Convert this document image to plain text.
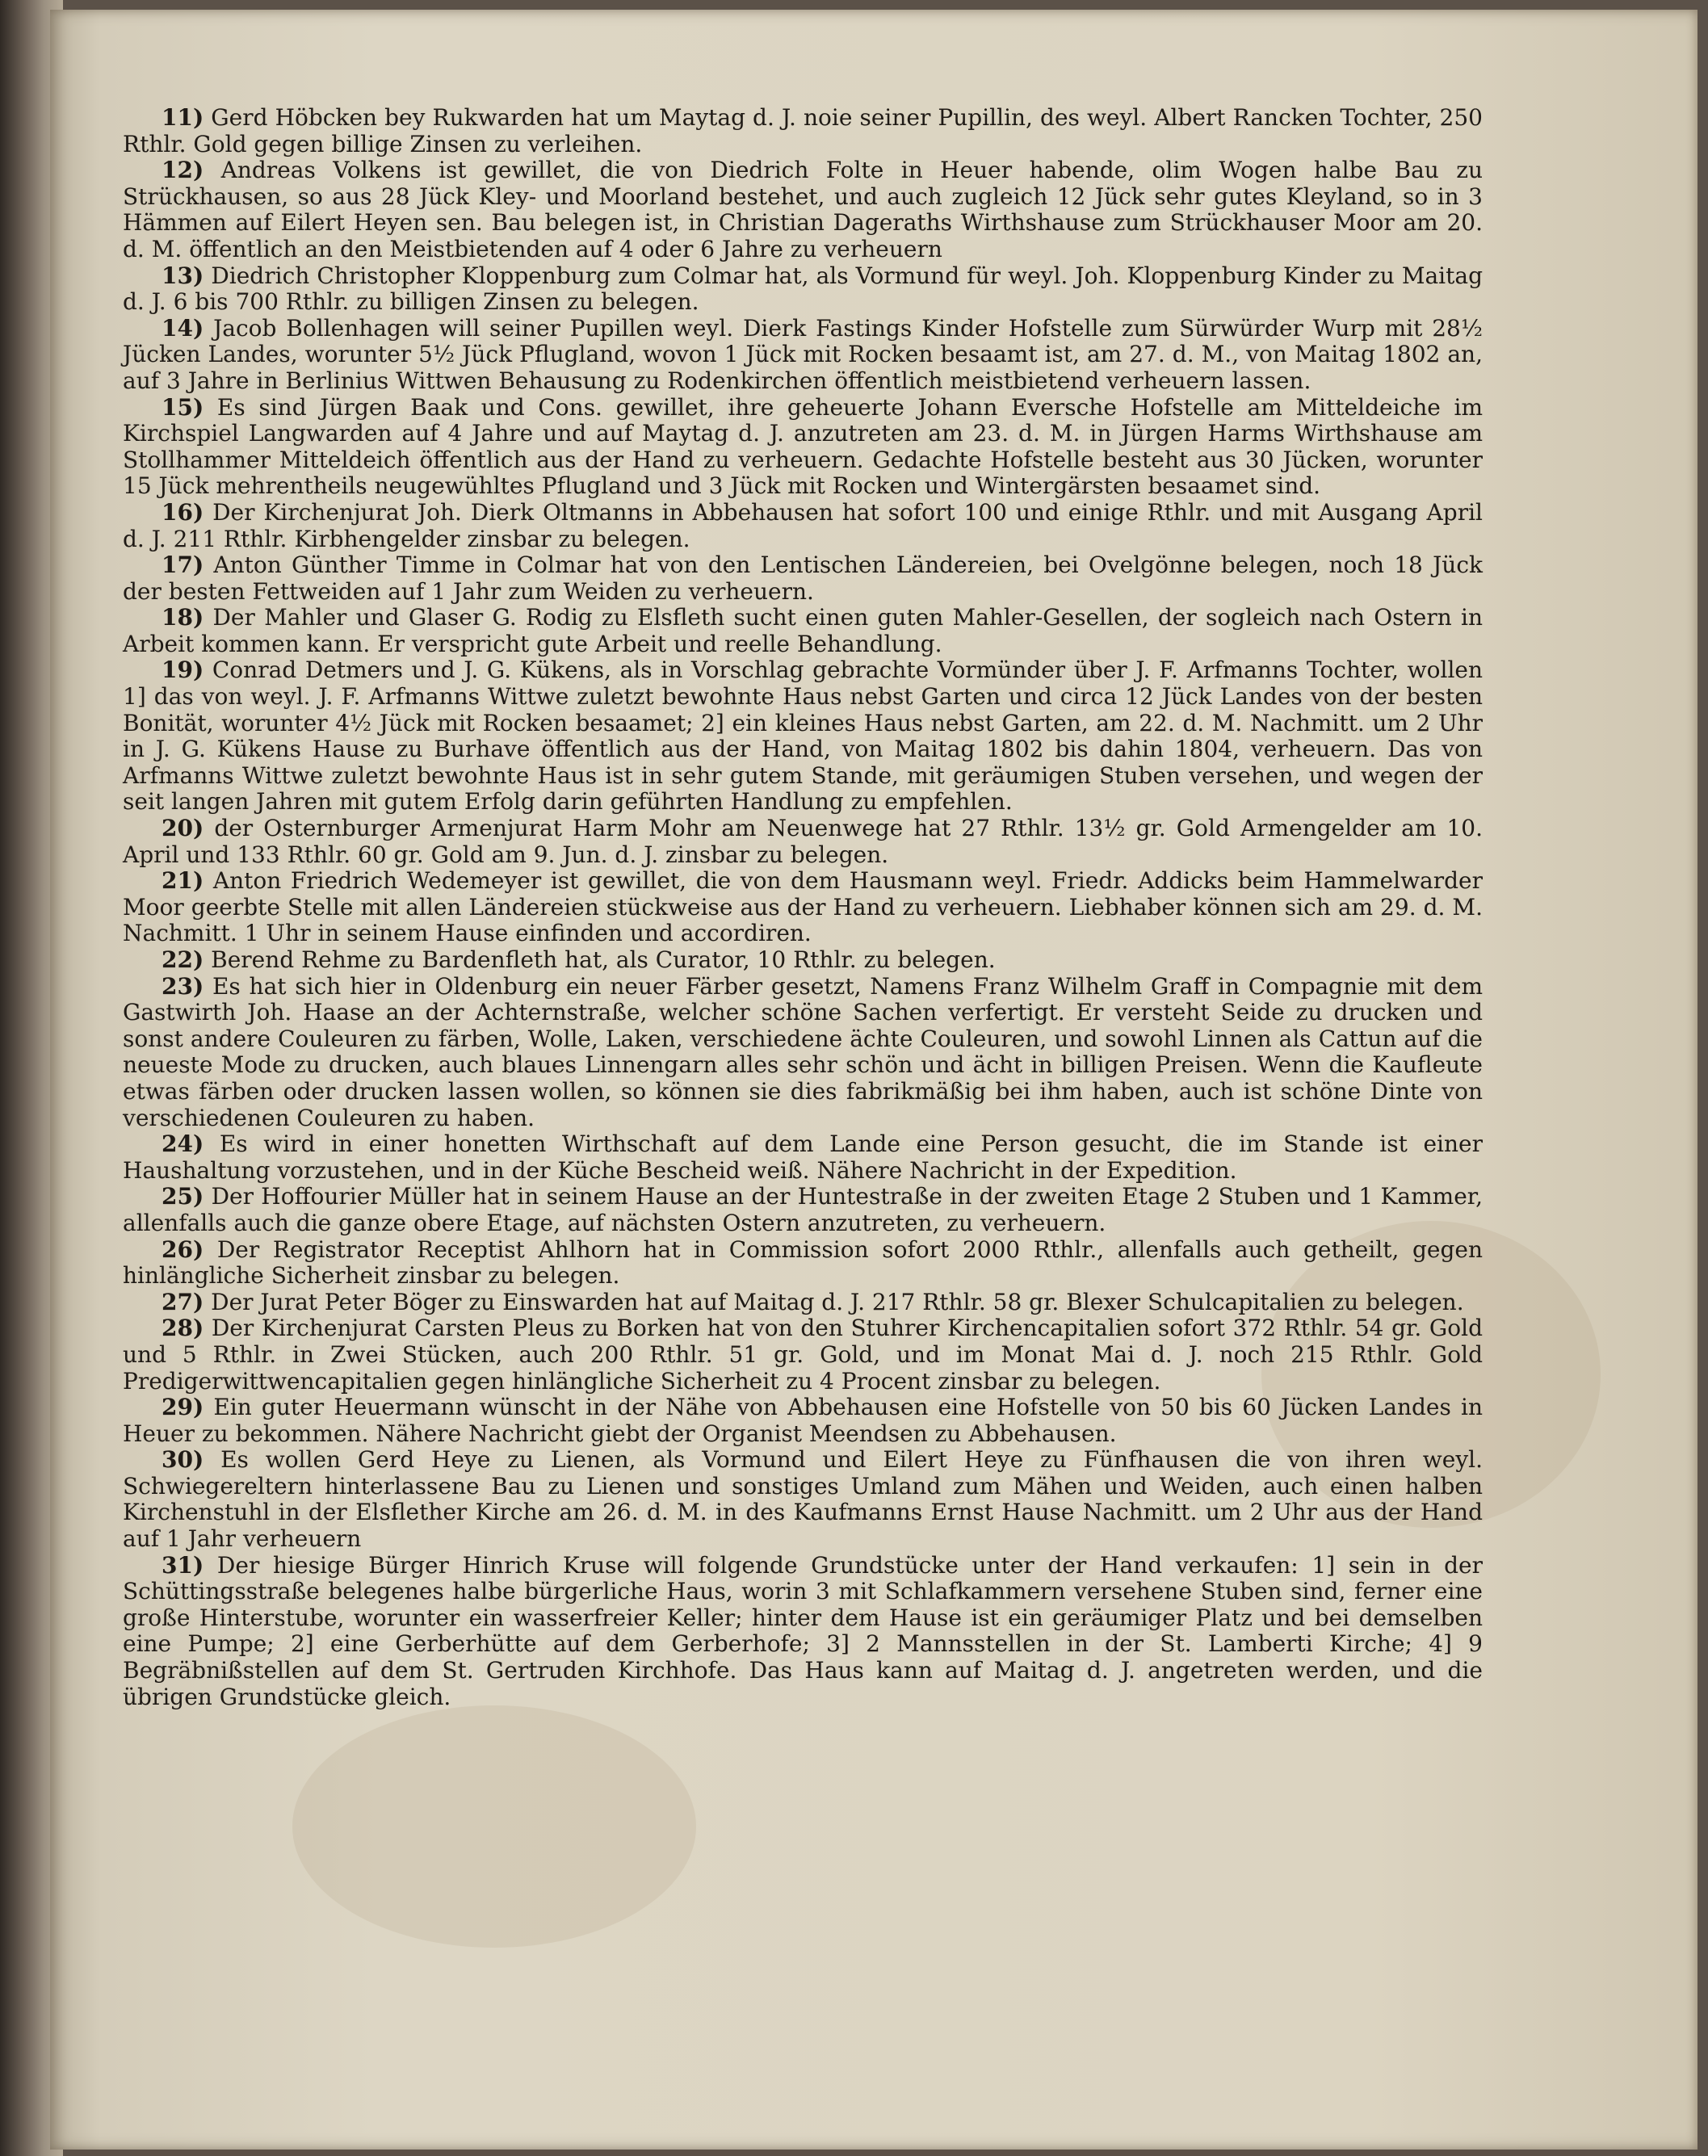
11) Gerd Höbcken bey Rukwarden hat um Maytag d. J. noie seiner Pupillin, des weyl. Albert Rancken Tochter, 250 Rthlr. Gold gegen billige Zinsen zu verleihen.

12) Andreas Volkens ist gewillet, die von Diedrich Folte in Heuer habende, olim Wogen halbe Bau zu Strückhausen, so aus 28 Jück Kley- und Moorland bestehet, und auch zugleich 12 Jück sehr gutes Kleyland, so in 3 Hämmen auf Eilert Heyen sen. Bau belegen ist, in Christian Dageraths Wirthshause zum Strückhauser Moor am 20. d. M. öffentlich an den Meistbietenden auf 4 oder 6 Jahre zu verheuern

13) Diedrich Christopher Kloppenburg zum Colmar hat, als Vormund für weyl. Joh. Kloppenburg Kinder zu Maitag d. J. 6 bis 700 Rthlr. zu billigen Zinsen zu belegen.

14) Jacob Bollenhagen will seiner Pupillen weyl. Dierk Fastings Kinder Hofstelle zum Sürwürder Wurp mit 28½ Jücken Landes, worunter 5½ Jück Pflugland, wovon 1 Jück mit Rocken besaamt ist, am 27. d. M., von Maitag 1802 an, auf 3 Jahre in Berlinius Wittwen Behausung zu Rodenkirchen öffentlich meistbietend verheuern lassen.

15) Es sind Jürgen Baak und Cons. gewillet, ihre geheuerte Johann Eversche Hofstelle am Mitteldeiche im Kirchspiel Langwarden auf 4 Jahre und auf Maytag d. J. anzutreten am 23. d. M. in Jürgen Harms Wirthshause am Stollhammer Mitteldeich öffentlich aus der Hand zu verheuern. Gedachte Hofstelle besteht aus 30 Jücken, worunter 15 Jück mehrentheils neugewühltes Pflugland und 3 Jück mit Rocken und Wintergärsten besaamet sind.

16) Der Kirchenjurat Joh. Dierk Oltmanns in Abbehausen hat sofort 100 und einige Rthlr. und mit Ausgang April d. J. 211 Rthlr. Kirbhengelder zinsbar zu belegen.

17) Anton Günther Timme in Colmar hat von den Lentischen Ländereien, bei Ovelgönne belegen, noch 18 Jück der besten Fettweiden auf 1 Jahr zum Weiden zu verheuern.

18) Der Mahler und Glaser G. Rodig zu Elsfleth sucht einen guten Mahler-Gesellen, der sogleich nach Ostern in Arbeit kommen kann. Er verspricht gute Arbeit und reelle Behandlung.

19) Conrad Detmers und J. G. Kükens, als in Vorschlag gebrachte Vormünder über J. F. Arfmanns Tochter, wollen 1] das von weyl. J. F. Arfmanns Wittwe zuletzt bewohnte Haus nebst Garten und circa 12 Jück Landes von der besten Bonität, worunter 4½ Jück mit Rocken besaamet; 2] ein kleines Haus nebst Garten, am 22. d. M. Nachmitt. um 2 Uhr in J. G. Kükens Hause zu Burhave öffentlich aus der Hand, von Maitag 1802 bis dahin 1804, verheuern. Das von Arfmanns Wittwe zuletzt bewohnte Haus ist in sehr gutem Stande, mit geräumigen Stuben versehen, und wegen der seit langen Jahren mit gutem Erfolg darin geführten Handlung zu empfehlen.

20) der Osternburger Armenjurat Harm Mohr am Neuenwege hat 27 Rthlr. 13½ gr. Gold Armengelder am 10. April und 133 Rthlr. 60 gr. Gold am 9. Jun. d. J. zinsbar zu belegen.

21) Anton Friedrich Wedemeyer ist gewillet, die von dem Hausmann weyl. Friedr. Addicks beim Hammelwarder Moor geerbte Stelle mit allen Ländereien stückweise aus der Hand zu verheuern. Liebhaber können sich am 29. d. M. Nachmitt. 1 Uhr in seinem Hause einfinden und accordiren.

22) Berend Rehme zu Bardenfleth hat, als Curator, 10 Rthlr. zu belegen.

23) Es hat sich hier in Oldenburg ein neuer Färber gesetzt, Namens Franz Wilhelm Graff in Compagnie mit dem Gastwirth Joh. Haase an der Achternstraße, welcher schöne Sachen verfertigt. Er versteht Seide zu drucken und sonst andere Couleuren zu färben, Wolle, Laken, verschiedene ächte Couleuren, und sowohl Linnen als Cattun auf die neueste Mode zu drucken, auch blaues Linnengarn alles sehr schön und ächt in billigen Preisen. Wenn die Kaufleute etwas färben oder drucken lassen wollen, so können sie dies fabrikmäßig bei ihm haben, auch ist schöne Dinte von verschiedenen Couleuren zu haben.

24) Es wird in einer honetten Wirthschaft auf dem Lande eine Person gesucht, die im Stande ist einer Haushaltung vorzustehen, und in der Küche Bescheid weiß. Nähere Nachricht in der Expedition.

25) Der Hoffourier Müller hat in seinem Hause an der Huntestraße in der zweiten Etage 2 Stuben und 1 Kammer, allenfalls auch die ganze obere Etage, auf nächsten Ostern anzutreten, zu verheuern.

26) Der Registrator Receptist Ahlhorn hat in Commission sofort 2000 Rthlr., allenfalls auch getheilt, gegen hinlängliche Sicherheit zinsbar zu belegen.

27) Der Jurat Peter Böger zu Einswarden hat auf Maitag d. J. 217 Rthlr. 58 gr. Blexer Schulcapitalien zu belegen.

28) Der Kirchenjurat Carsten Pleus zu Borken hat von den Stuhrer Kirchencapitalien sofort 372 Rthlr. 54 gr. Gold und 5 Rthlr. in Zwei Stücken, auch 200 Rthlr. 51 gr. Gold, und im Monat Mai d. J. noch 215 Rthlr. Gold Predigerwittwencapitalien gegen hinlängliche Sicherheit zu 4 Procent zinsbar zu belegen.

29) Ein guter Heuermann wünscht in der Nähe von Abbehausen eine Hofstelle von 50 bis 60 Jücken Landes in Heuer zu bekommen. Nähere Nachricht giebt der Organist Meendsen zu Abbehausen.

30) Es wollen Gerd Heye zu Lienen, als Vormund und Eilert Heye zu Fünfhausen die von ihren weyl. Schwiegereltern hinterlassene Bau zu Lienen und sonstiges Umland zum Mähen und Weiden, auch einen halben Kirchenstuhl in der Elsflether Kirche am 26. d. M. in des Kaufmanns Ernst Hause Nachmitt. um 2 Uhr aus der Hand auf 1 Jahr verheuern

31) Der hiesige Bürger Hinrich Kruse will folgende Grundstücke unter der Hand verkaufen: 1] sein in der Schüttingsstraße belegenes halbe bürgerliche Haus, worin 3 mit Schlafkammern versehene Stuben sind, ferner eine große Hinterstube, worunter ein wasserfreier Keller; hinter dem Hause ist ein geräumiger Platz und bei demselben eine Pumpe; 2] eine Gerberhütte auf dem Gerberhofe; 3] 2 Mannsstellen in der St. Lamberti Kirche; 4] 9 Begräbnißstellen auf dem St. Gertruden Kirchhofe. Das Haus kann auf Maitag d. J. angetreten werden, und die übrigen Grundstücke gleich.
